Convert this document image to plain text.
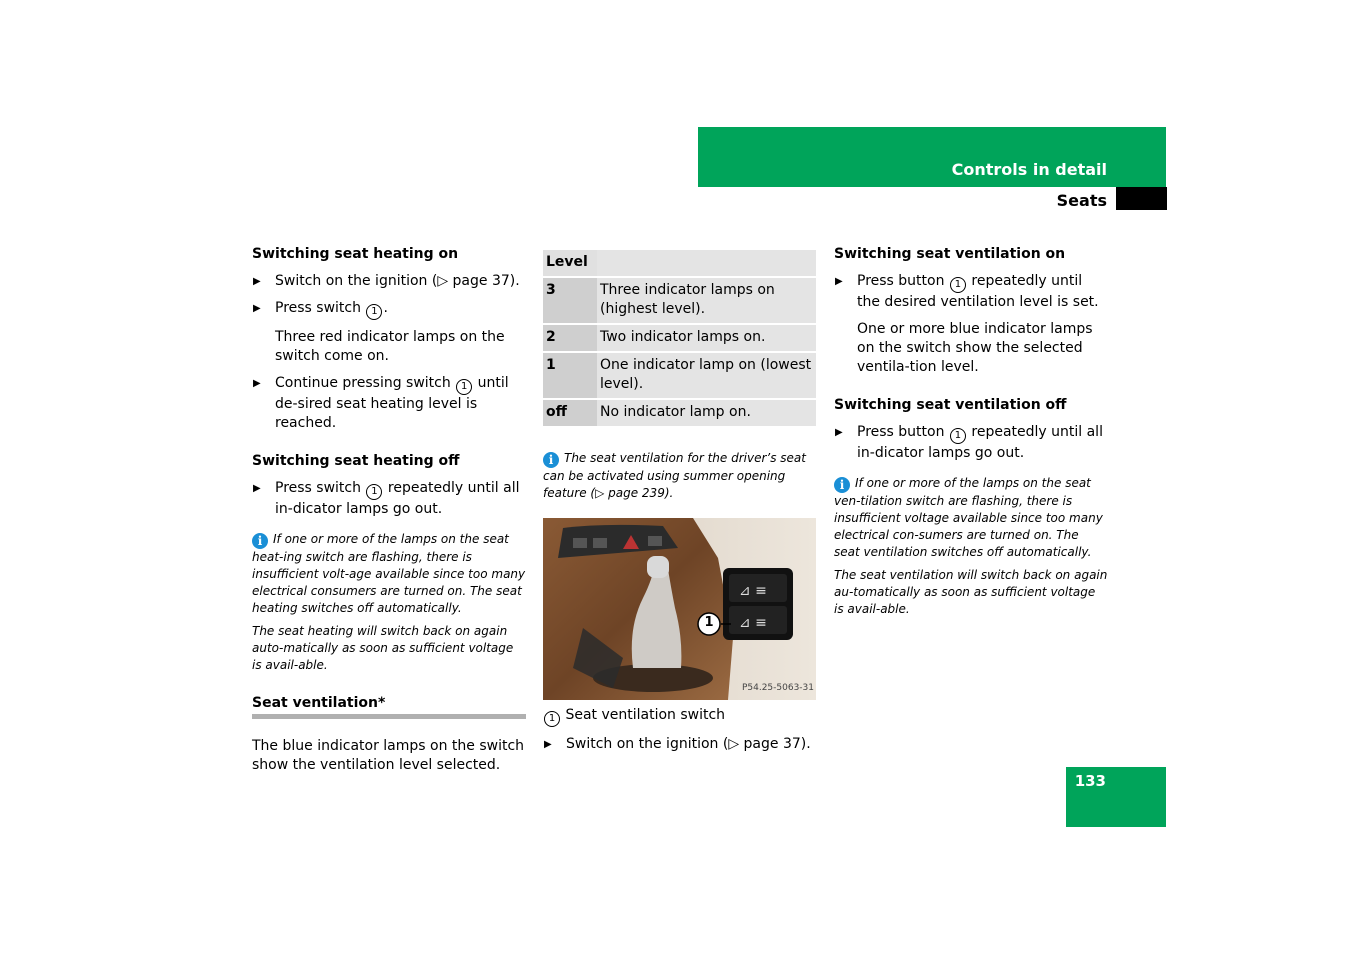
Controls in detail
Seats
133
Switching seat heating on
▶ Switch on the ignition (▷ page 37).
▶ Press switch 1 .
Three red indicator lamps on the switch come on.
▶ Continue pressing switch 1 until de-sired seat heating level is reached.
Switching seat heating off
▶ Press switch 1 repeatedly until all in-dicator lamps go out.
i If one or more of the lamps on the seat heat-ing switch are flashing, there is insufficient volt-age available since too many electrical consumers are turned on. The seat heating switches off automatically.
The seat heating will switch back on again auto-matically as soon as sufficient voltage is avail-able.
Seat ventilation*
The blue indicator lamps on the switch show the ventilation level selected.
Level	
3	Three indicator lamps on (highest level).
2	Two indicator lamps on.
1	One indicator lamp on (lowest level).
off	No indicator lamp on.
i The seat ventilation for the driver’s seat can be activated using summer opening feature (▷ page 239).
⊿ ≡
⊿ ≡
1
P54.25-5063-31
1 Seat ventilation switch
▶ Switch on the ignition (▷ page 37).
Switching seat ventilation on
▶ Press button 1 repeatedly until the desired ventilation level is set.
One or more blue indicator lamps on the switch show the selected ventila-tion level.
Switching seat ventilation off
▶ Press button 1 repeatedly until all in-dicator lamps go out.
i If one or more of the lamps on the seat ven-tilation switch are flashing, there is insufficient voltage available since too many electrical con-sumers are turned on. The seat ventilation switches off automatically.
The seat ventilation will switch back on again au-tomatically as soon as sufficient voltage is avail-able.
